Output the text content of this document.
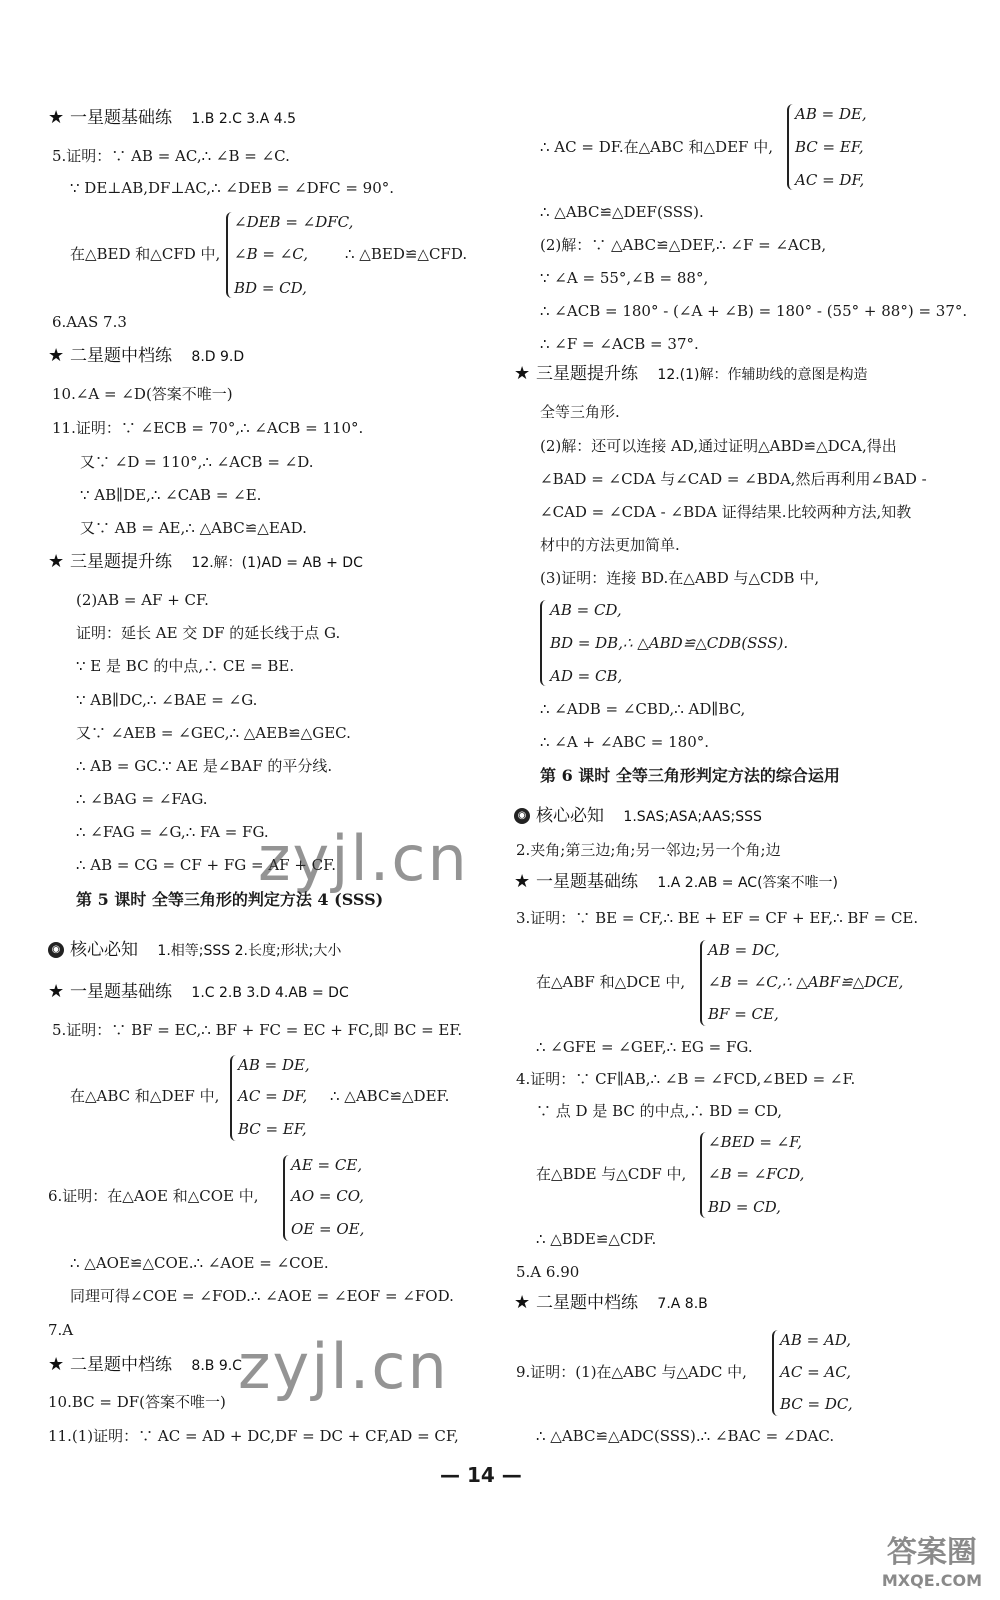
★ 一星题基础练 1.B 2.C 3.A 4.5
5.证明：∵ AB = AC,∴ ∠B = ∠C.
∵ DE⊥AB,DF⊥AC,∴ ∠DEB = ∠DFC = 90°.
在△BED 和△CFD 中,
∠DEB = ∠DFC,
∠B = ∠C,
BD = CD,
∴ △BED≌△CFD.
6.AAS 7.3
★ 二星题中档练 8.D 9.D
10.∠A = ∠D(答案不唯一)
11.证明：∵ ∠ECB = 70°,∴ ∠ACB = 110°.
又∵ ∠D = 110°,∴ ∠ACB = ∠D.
∵ AB∥DE,∴ ∠CAB = ∠E.
又∵ AB = AE,∴ △ABC≌△EAD.
★ 三星题提升练 12.解：(1)AD = AB + DC
(2)AB = AF + CF.
证明：延长 AE 交 DF 的延长线于点 G.
∵ E 是 BC 的中点,∴ CE = BE.
∵ AB∥DC,∴ ∠BAE = ∠G.
又∵ ∠AEB = ∠GEC,∴ △AEB≌△GEC.
∴ AB = GC.∵ AE 是∠BAF 的平分线.
∴ ∠BAG = ∠FAG.
∴ ∠FAG = ∠G,∴ FA = FG.
∴ AB = CG = CF + FG = AF + CF.
第 5 课时 全等三角形的判定方法 4 (SSS)
◉ 核心必知 1.相等;SSS 2.长度;形状;大小
★ 一星题基础练 1.C 2.B 3.D 4.AB = DC
5.证明：∵ BF = EC,∴ BF + FC = EC + FC,即 BC = EF.
在△ABC 和△DEF 中,
AB = DE,
AC = DF,
BC = EF,
∴ △ABC≌△DEF.
6.证明：在△AOE 和△COE 中,
AE = CE,
AO = CO,
OE = OE,
∴ △AOE≌△COE.∴ ∠AOE = ∠COE.
同理可得∠COE = ∠FOD.∴ ∠AOE = ∠EOF = ∠FOD.
7.A
★ 二星题中档练 8.B 9.C
10.BC = DF(答案不唯一)
11.(1)证明：∵ AC = AD + DC,DF = DC + CF,AD = CF,
AB = DE,
BC = EF,
AC = DF,
∴ AC = DF.在△ABC 和△DEF 中,
∴ △ABC≌△DEF(SSS).
(2)解：∵ △ABC≌△DEF,∴ ∠F = ∠ACB,
∵ ∠A = 55°,∠B = 88°,
∴ ∠ACB = 180° - (∠A + ∠B) = 180° - (55° + 88°) = 37°.
∴ ∠F = ∠ACB = 37°.
★ 三星题提升练 12.(1)解：作辅助线的意图是构造
全等三角形.
(2)解：还可以连接 AD,通过证明△ABD≌△DCA,得出
∠BAD = ∠CDA 与∠CAD = ∠BDA,然后再利用∠BAD -
∠CAD = ∠CDA - ∠BDA 证得结果.比较两种方法,知教
材中的方法更加简单.
(3)证明：连接 BD.在△ABD 与△CDB 中,
AB = CD,
BD = DB,∴ △ABD≌△CDB(SSS).
AD = CB,
∴ ∠ADB = ∠CBD,∴ AD∥BC,
∴ ∠A + ∠ABC = 180°.
第 6 课时 全等三角形判定方法的综合运用
◉ 核心必知 1.SAS;ASA;AAS;SSS
2.夹角;第三边;角;另一邻边;另一个角;边
★ 一星题基础练 1.A 2.AB = AC(答案不唯一)
3.证明：∵ BE = CF,∴ BE + EF = CF + EF,∴ BF = CE.
在△ABF 和△DCE 中,
AB = DC,
∠B = ∠C,∴ △ABF≌△DCE,
BF = CE,
∴ ∠GFE = ∠GEF,∴ EG = FG.
4.证明：∵ CF∥AB,∴ ∠B = ∠FCD,∠BED = ∠F.
∵ 点 D 是 BC 的中点,∴ BD = CD,
在△BDE 与△CDF 中,
∠BED = ∠F,
∠B = ∠FCD,
BD = CD,
∴ △BDE≌△CDF.
5.A 6.90
★ 二星题中档练 7.A 8.B
9.证明：(1)在△ABC 与△ADC 中,
AB = AD,
AC = AC,
BC = DC,
∴ △ABC≌△ADC(SSS).∴ ∠BAC = ∠DAC.
zyjl.cn
zyjl.cn
— 14 —
答案圈
MXQE.COM
